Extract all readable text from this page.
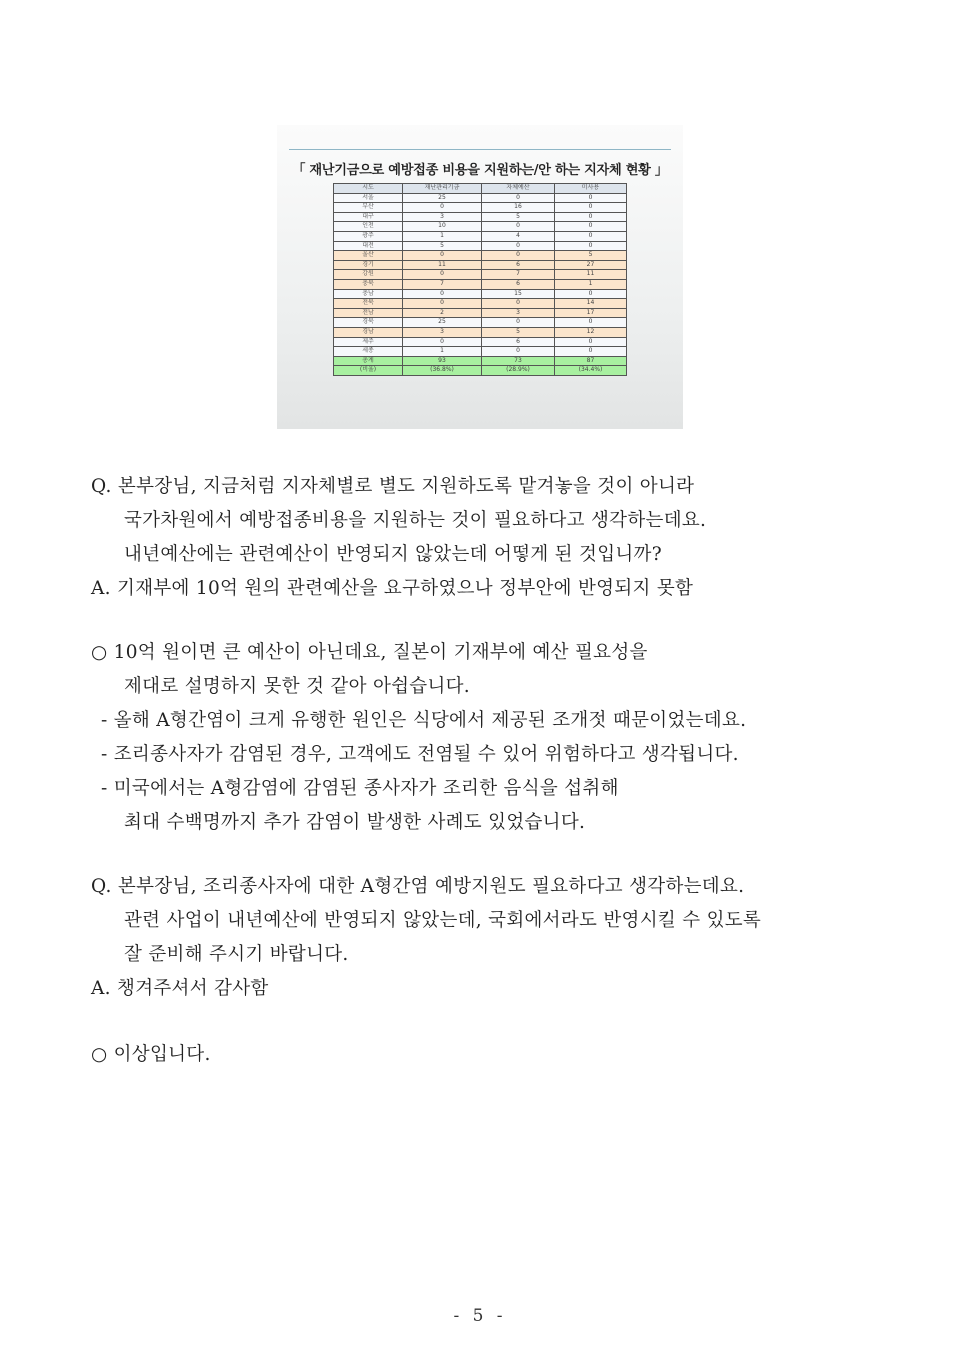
「 재난기금으로 예방접종 비용을 지원하는/안 하는 지자체 현황 」
시도	재난관리기금	자체예산	미사용
서울	25	0	0
부산	0	16	0
대구	3	5	0
인천	10	0	0
광주	1	4	0
대전	5	0	0
울산	0	0	5
경기	11	6	27
강원	0	7	11
충북	7	6	1
충남	0	15	0
전북	0	0	14
전남	2	3	17
경북	25	0	0
경남	3	5	12
제주	0	6	0
세종	1	0	0
총계	93	73	87
(비율)	(36.8%)	(28.9%)	(34.4%)
Q. 본부장님, 지금처럼 지자체별로 별도 지원하도록 맡겨놓을 것이 아니라
국가차원에서 예방접종비용을 지원하는 것이 필요하다고 생각하는데요.
내년예산에는 관련예산이 반영되지 않았는데 어떻게 된 것입니까?
A. 기재부에 10억 원의 관련예산을 요구하였으나 정부안에 반영되지 못함
○ 10억 원이면 큰 예산이 아닌데요, 질본이 기재부에 예산 필요성을
제대로 설명하지 못한 것 같아 아쉽습니다.
- 올해 A형간염이 크게 유행한 원인은 식당에서 제공된 조개젓 때문이었는데요.
- 조리종사자가 감염된 경우, 고객에도 전염될 수 있어 위험하다고 생각됩니다.
- 미국에서는 A형감염에 감염된 종사자가 조리한 음식을 섭취해
최대 수백명까지 추가 감염이 발생한 사례도 있었습니다.
Q. 본부장님, 조리종사자에 대한 A형간염 예방지원도 필요하다고 생각하는데요.
관련 사업이 내년예산에 반영되지 않았는데, 국회에서라도 반영시킬 수 있도록
잘 준비해 주시기 바랍니다.
A. 챙겨주셔서 감사함
○ 이상입니다.
- 5 -
